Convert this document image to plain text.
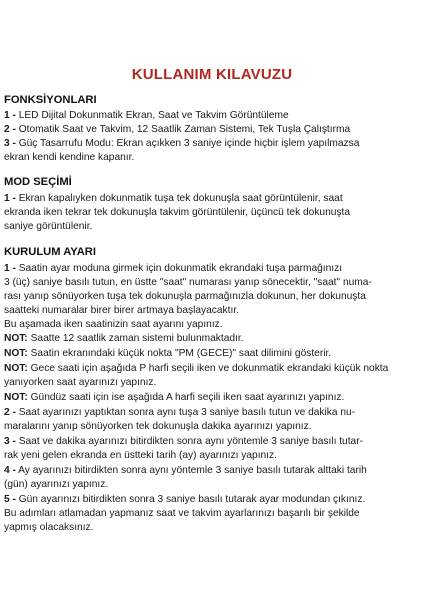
KULLANIM KILAVUZU
FONKSİYONLARI
1 - LED Dijital Dokunmatik Ekran, Saat ve Takvim Görüntüleme
2 - Otomatik Saat ve Takvim, 12 Saatlik Zaman Sistemi, Tek Tuşla Çalıştırma
3 - Güç Tasarrufu Modu: Ekran açıkken 3 saniye içinde hiçbir işlem yapılmazsa
ekran kendi kendine kapanır.
MOD SEÇİMİ
1 - Ekran kapalıyken dokunmatik tuşa tek dokunuşla saat görüntülenir, saat
ekranda iken tekrar tek dokunuşla takvim görüntülenir, üçüncü tek dokunuşta
saniye görüntülenir.
KURULUM AYARI
1 - Saatin ayar moduna girmek için dokunmatik ekrandaki tuşa parmağınızı
3 (üç) saniye basılı tutun, en üstte "saat" numarası yanıp sönecektir, "saat" numa-
rası yanıp sönüyorken tuşa tek dokunuşla parmağınızla dokunun, her dokunuşta
saatteki numaralar birer birer artmaya başlayacaktır.
Bu aşamada iken saatinizin saat ayarını yapınız.
NOT: Saatte 12 saatlik zaman sistemi bulunmaktadır.
NOT: Saatin ekranındaki küçük nokta "PM (GECE)" saat dilimini gösterir.
NOT: Gece saati için aşağıda P harfi seçili iken ve dokunmatik ekrandaki küçük nokta
yanıyorken saat ayarınızı yapınız.
NOT: Gündüz saati için ise aşağıda A harfi seçili iken saat ayarınızı yapınız.
2 - Saat ayarınızı yaptıktan sonra aynı tuşa 3 saniye basılı tutun ve dakika nu-
maralarını yanıp sönüyorken tek dokunuşla dakika ayarınızı yapınız.
3 - Saat ve dakika ayarınızı bitirdikten sonra aynı yöntemle 3 saniye basılı tutar-
rak yeni gelen ekranda en üstteki tarih (ay) ayarınızı yapınız.
4 - Ay ayarınızı bitirdikten sonra aynı yöntemle 3 saniye basılı tutarak alttaki tarih
(gün) ayarınızı yapınız.
5 - Gün ayarınızı bitirdikten sonra 3 saniye basılı tutarak ayar modundan çıkınız.
Bu adımları atlamadan yapmanız saat ve takvim ayarlarınızı başarılı bir şekilde
yapmış olacaksınız.
